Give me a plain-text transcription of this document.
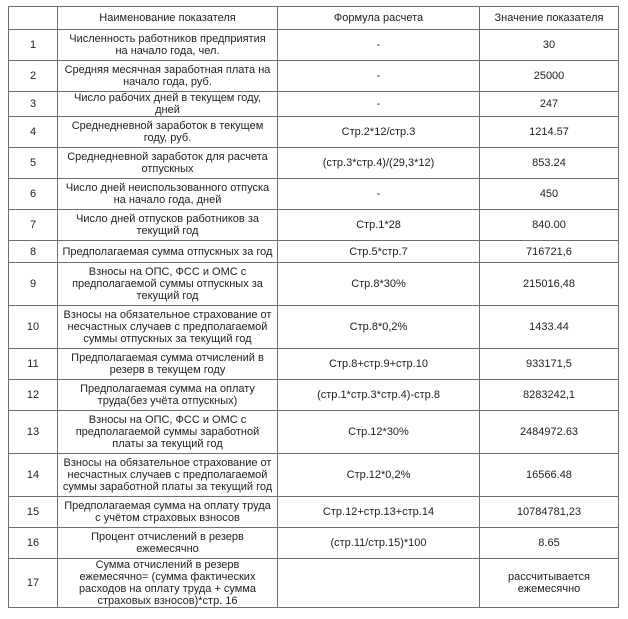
	Наименование показателя	Формула расчета	Значение показателя
1	Численность работников предприятия на начало года, чел.	-	30
2	Средняя месячная заработная плата на начало года, руб.	-	25000
3	Число рабочих дней в текущем году, дней	-	247
4	Среднедневной заработок в текущем году, руб.	Стр.2*12/стр.3	1214.57
5	Среднедневной заработок для расчета отпускных	(стр.3*стр.4)/(29,3*12)	853.24
6	Число дней неиспользованного отпуска на начало года, дней	-	450
7	Число дней отпусков работников за текущий год	Стр.1*28	840.00
8	Предполагаемая сумма отпускных за год	Стр.5*стр.7	716721,6
9	Взносы на ОПС, ФСС и ОМС с предполагаемой суммы отпускных за текущий год	Стр.8*30%	215016,48
10	Взносы на обязательное страхование от несчастных случаев с предполагаемой суммы отпускных за текущий год	Стр.8*0,2%	1433.44
11	Предполагаемая сумма отчислений в резерв в текущем году	Стр.8+стр.9+стр.10	933171,5
12	Предполагаемая сумма на оплату труда(без учёта отпускных)	(стр.1*стр.3*стр.4)-стр.8	8283242,1
13	Взносы на ОПС, ФСС и ОМС с предполагаемой суммы заработной платы за текущий год	Стр.12*30%	2484972.63
14	Взносы на обязательное страхование от несчастных случаев с предполагаемой суммы заработной платы за текущий год	Стр.12*0,2%	16566.48
15	Предполагаемая сумма на оплату труда с учётом страховых взносов	Стр.12+стр.13+стр.14	10784781,23
16	Процент отчислений в резерв ежемесячно	(стр.11/стр.15)*100	8.65
17	Сумма отчислений в резерв ежемесячно= (сумма фактических расходов на оплату труда + сумма страховых взносов)*стр. 16		рассчитывается ежемесячно
